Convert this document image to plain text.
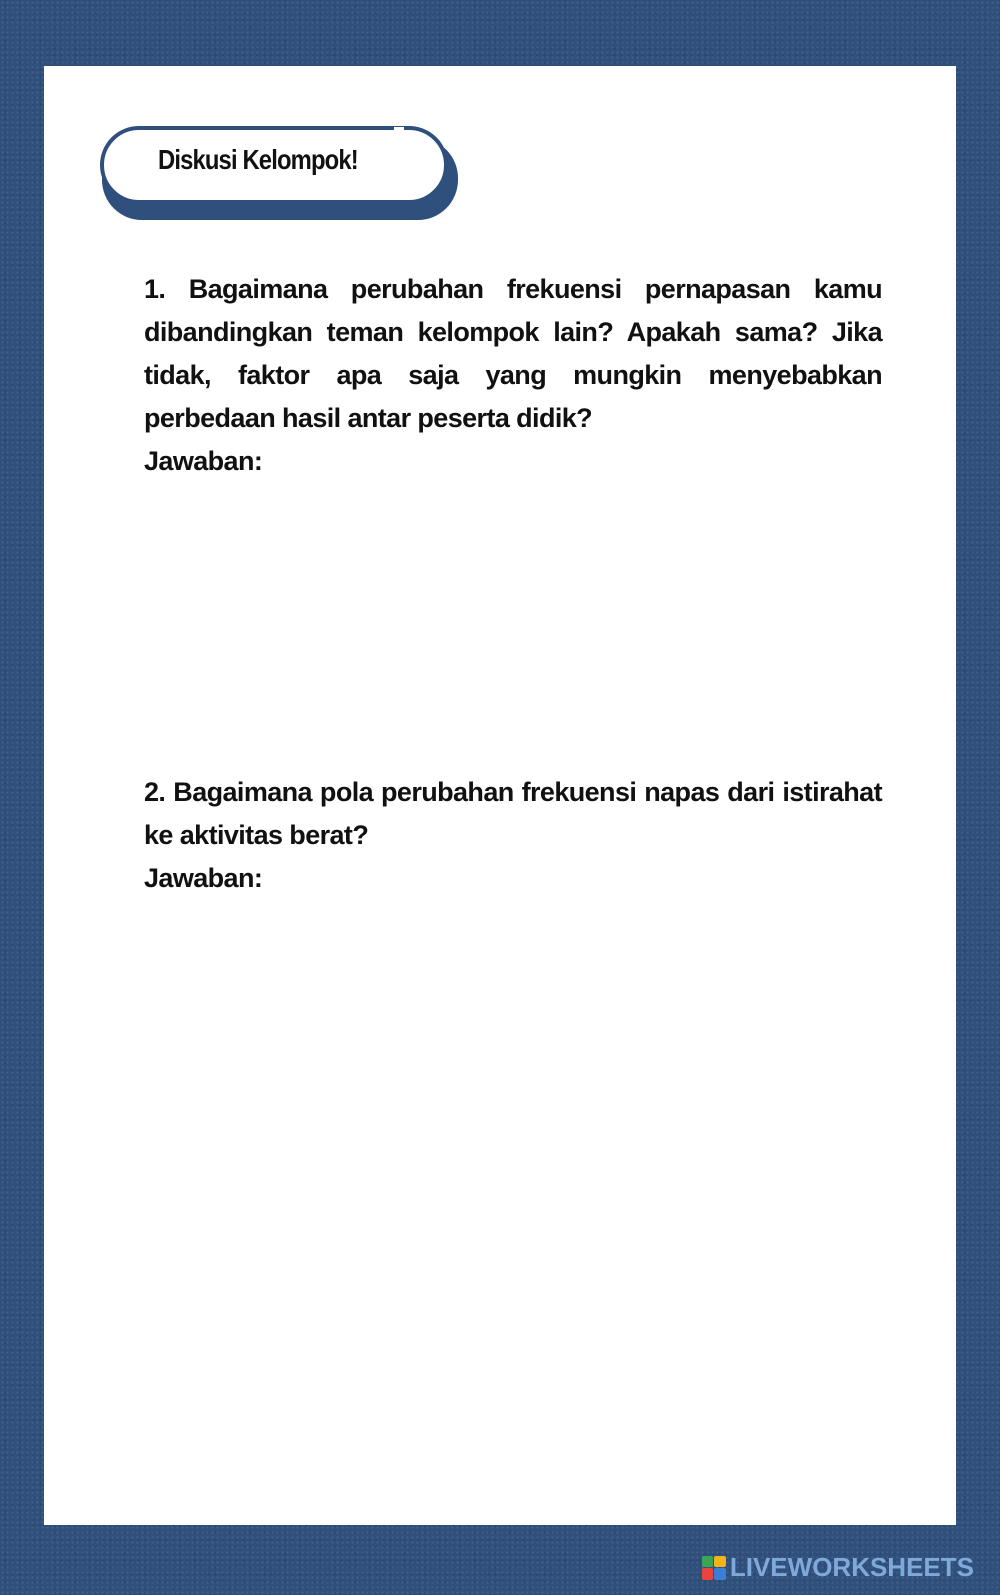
Diskusi Kelompok!
1. Bagaimana perubahan frekuensi pernapasan kamu dibandingkan teman kelompok lain? Apakah sama? Jika tidak, faktor apa saja yang mungkin menyebabkan perbedaan hasil antar peserta didik?
Jawaban:
2. Bagaimana pola perubahan frekuensi napas dari istirahat ke aktivitas berat?
Jawaban:
LIVEWORKSHEETS
